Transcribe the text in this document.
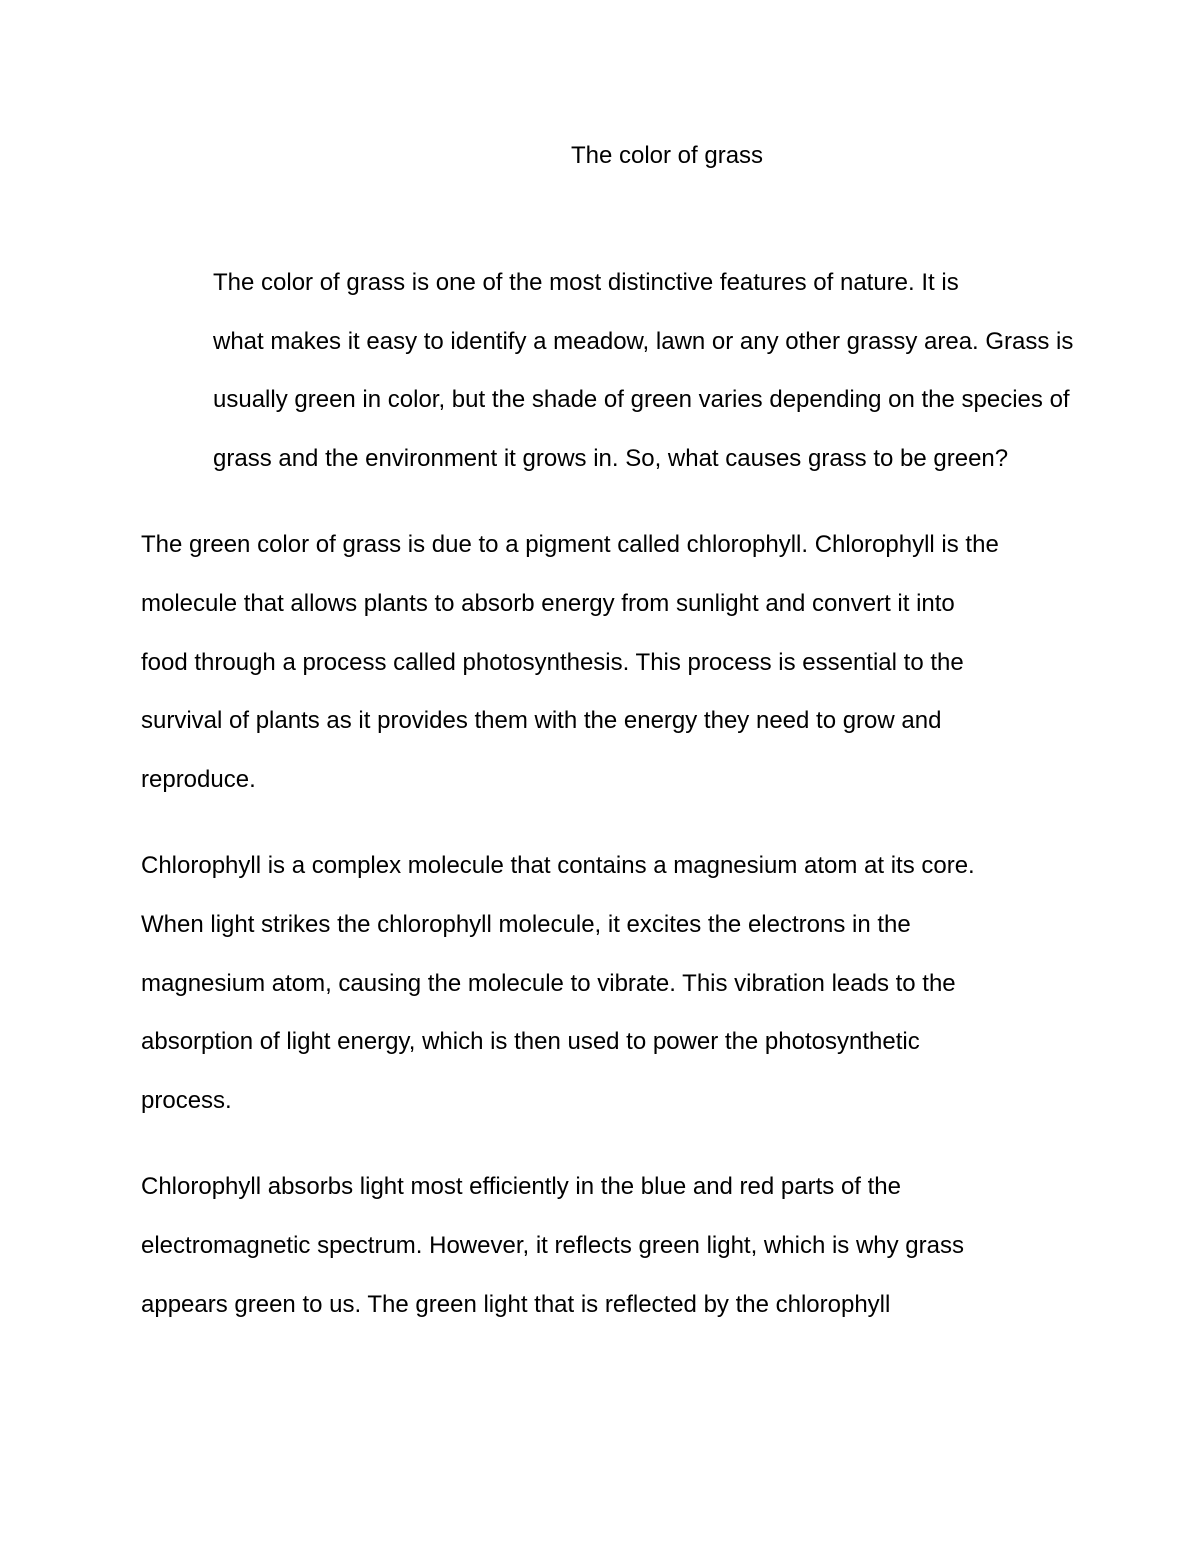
The color of grass

The color of grass is one of the most distinctive features of nature. It is
what makes it easy to identify a meadow, lawn or any other grassy area. Grass is
usually green in color, but the shade of green varies depending on the species of
grass and the environment it grows in. So, what causes grass to be green?

The green color of grass is due to a pigment called chlorophyll. Chlorophyll is the
molecule that allows plants to absorb energy from sunlight and convert it into
food through a process called photosynthesis. This process is essential to the
survival of plants as it provides them with the energy they need to grow and
reproduce.

Chlorophyll is a complex molecule that contains a magnesium atom at its core.
When light strikes the chlorophyll molecule, it excites the electrons in the
magnesium atom, causing the molecule to vibrate. This vibration leads to the
absorption of light energy, which is then used to power the photosynthetic
process.

Chlorophyll absorbs light most efficiently in the blue and red parts of the
electromagnetic spectrum. However, it reflects green light, which is why grass
appears green to us. The green light that is reflected by the chlorophyll
